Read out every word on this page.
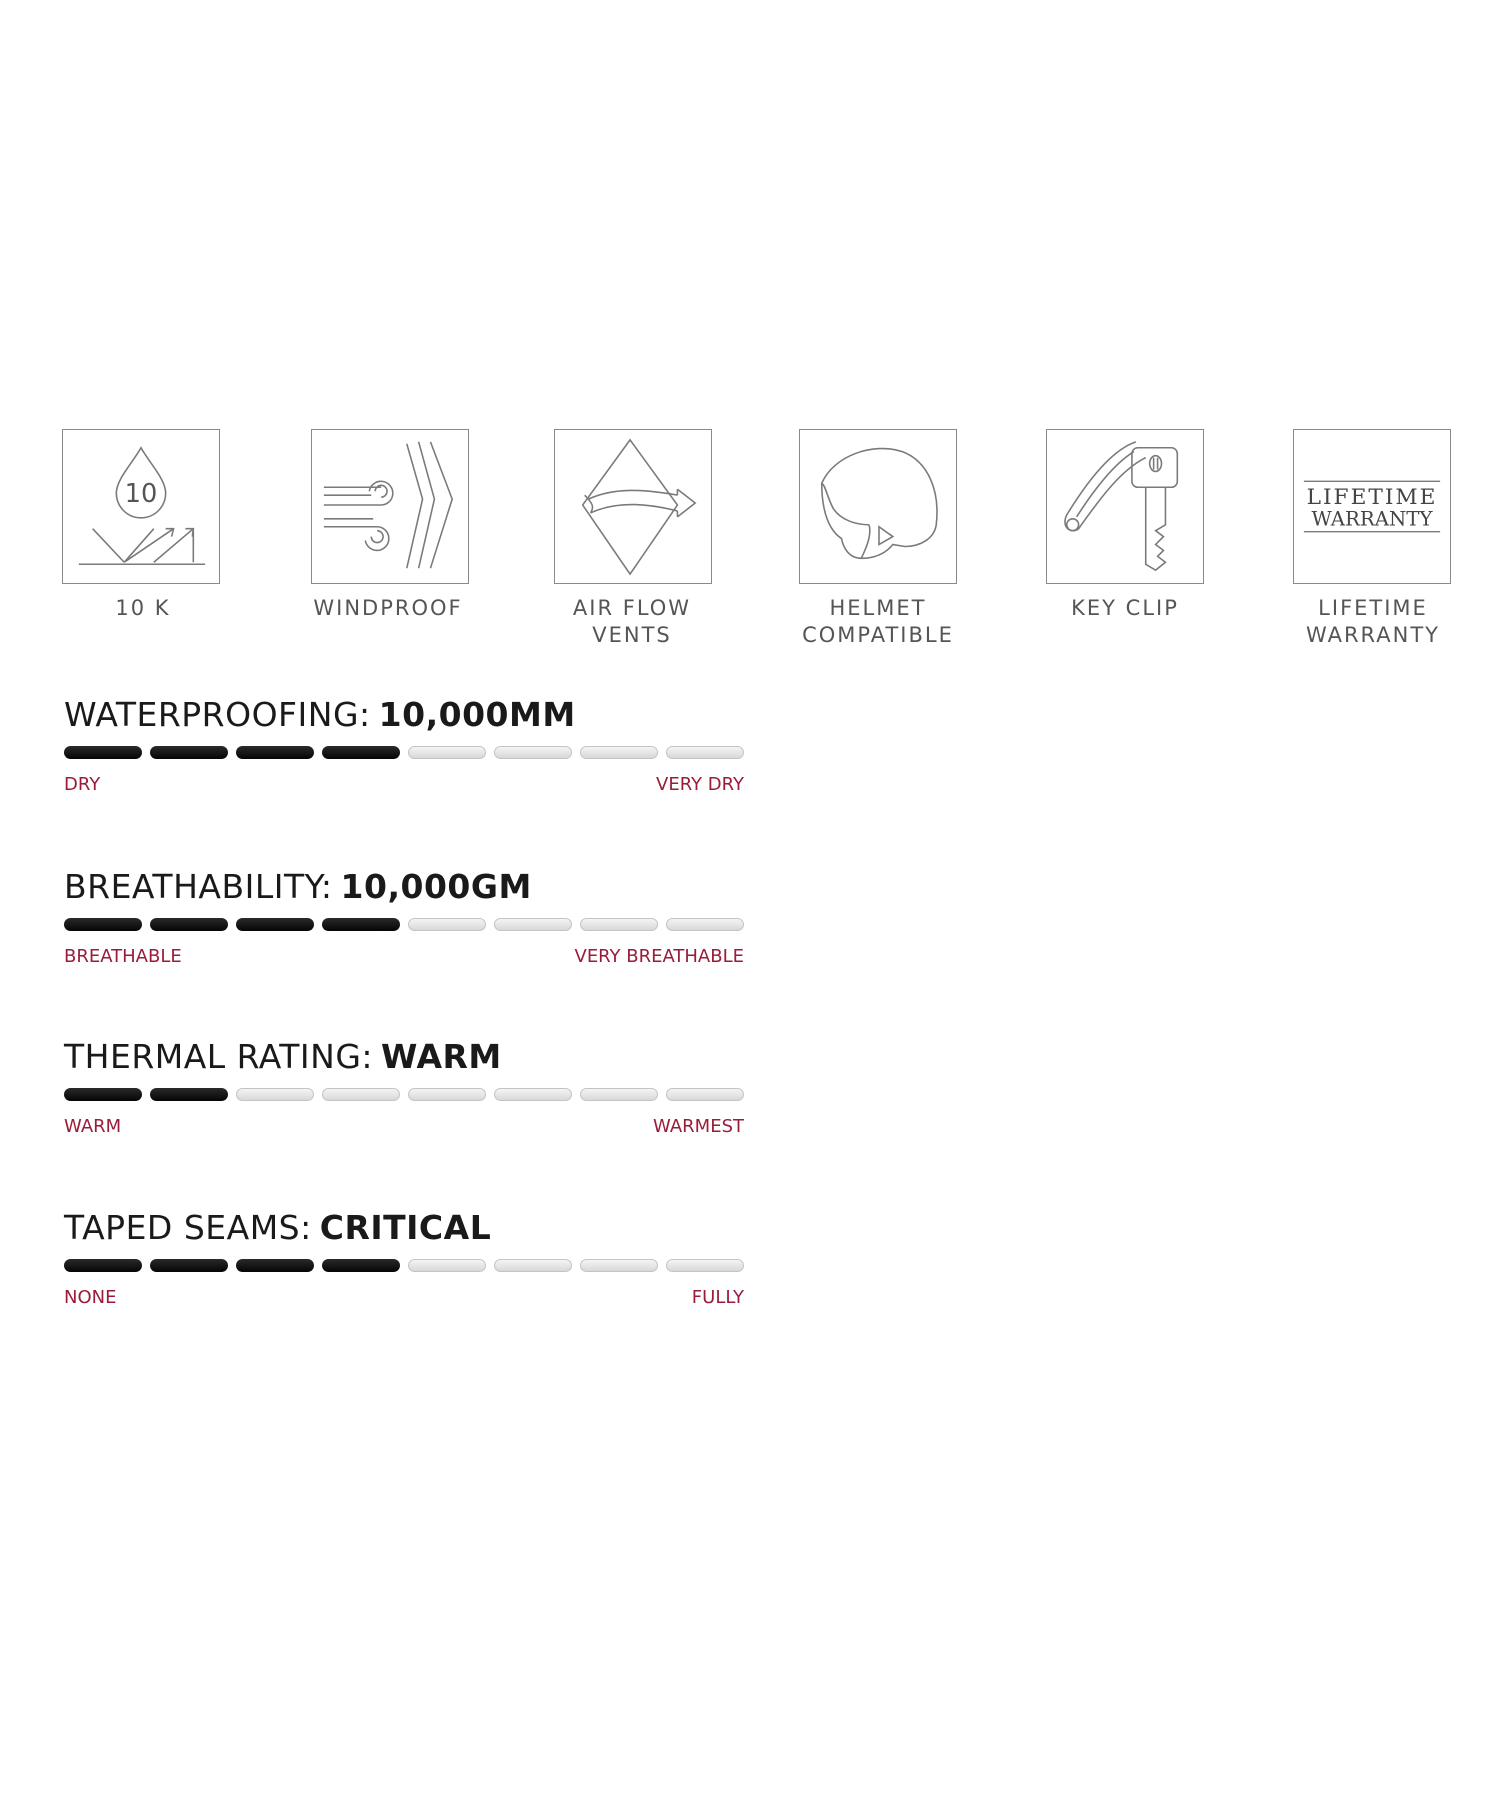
10
10 K	WINDPROOF	AIR FLOW
VENTS
HELMET
COMPATIBLE
KEY CLIP
LIFETIME
WARRANTY
LIFETIME
WARRANTY
WATERPROOFING: 10,000MM
DRY	VERY DRY
BREATHABILITY: 10,000GM
BREATHABLE	VERY BREATHABLE
THERMAL RATING: WARM
WARM	WARMEST
TAPED SEAMS: CRITICAL
NONE	FULLY
